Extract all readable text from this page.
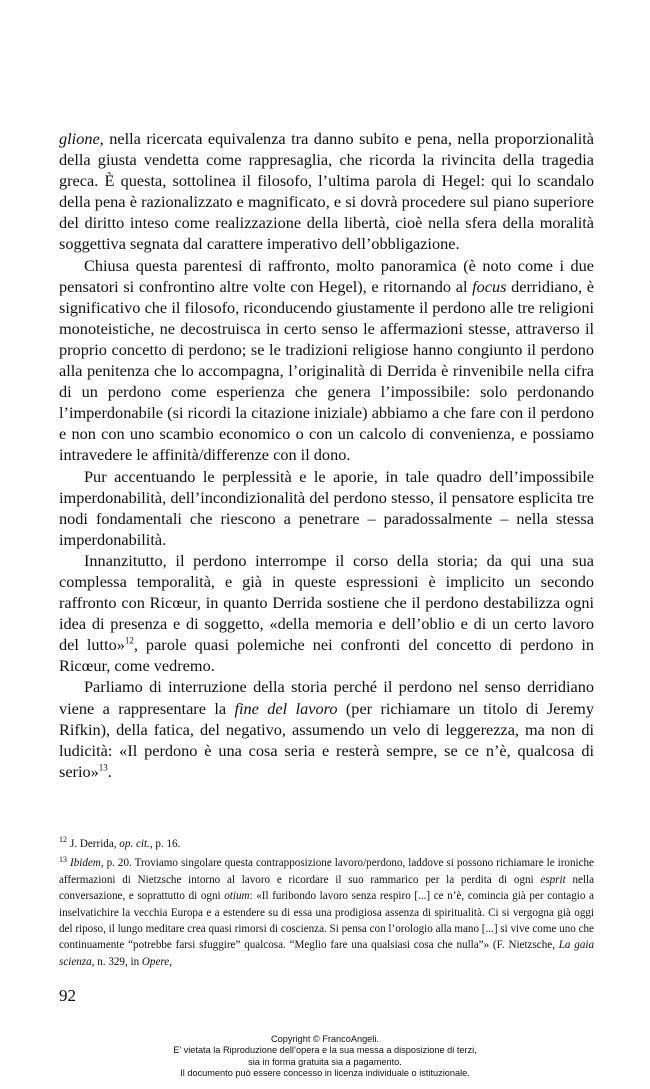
glione, nella ricercata equivalenza tra danno subito e pena, nella proporzionalità della giusta vendetta come rappresaglia, che ricorda la rivincita della tragedia greca. È questa, sottolinea il filosofo, l’ultima parola di Hegel: qui lo scandalo della pena è razionalizzato e magnificato, e si dovrà procedere sul piano superiore del diritto inteso come realizzazione della libertà, cioè nella sfera della moralità soggettiva segnata dal carattere imperativo dell’obbligazione.

Chiusa questa parentesi di raffronto, molto panoramica (è noto come i due pensatori si confrontino altre volte con Hegel), e ritornando al focus derridiano, è significativo che il filosofo, riconducendo giustamente il perdono alle tre religioni monoteistiche, ne decostruisca in certo senso le affermazioni stesse, attraverso il proprio concetto di perdono; se le tradizioni religiose hanno congiunto il perdono alla penitenza che lo accompagna, l’originalità di Derrida è rinvenibile nella cifra di un perdono come esperienza che genera l’impossibile: solo perdonando l’imperdonabile (si ricordi la citazione iniziale) abbiamo a che fare con il perdono e non con uno scambio economico o con un calcolo di convenienza, e possiamo intravedere le affinità/differenze con il dono.

Pur accentuando le perplessità e le aporie, in tale quadro dell’impossibile imperdonabilità, dell’incondizionalità del perdono stesso, il pensatore esplicita tre nodi fondamentali che riescono a penetrare – paradossalmente – nella stessa imperdonabilità.

Innanzitutto, il perdono interrompe il corso della storia; da qui una sua complessa temporalità, e già in queste espressioni è implicito un secondo raffronto con Ricœur, in quanto Derrida sostiene che il perdono destabilizza ogni idea di presenza e di soggetto, «della memoria e dell’oblio e di un certo lavoro del lutto»$^{12}$, parole quasi polemiche nei confronti del concetto di perdono in Ricœur, come vedremo.

Parliamo di interruzione della storia perché il perdono nel senso derridiano viene a rappresentare la fine del lavoro (per richiamare un titolo di Jeremy Rifkin), della fatica, del negativo, assumendo un velo di leggerezza, ma non di ludicità: «Il perdono è una cosa seria e resterà sempre, se ce n’è, qualcosa di serio»$^{13}$.

$^{12}$ J. Derrida, op. cit., p. 16.

$^{13}$ Ibidem, p. 20. Troviamo singolare questa contrapposizione lavoro/perdono, laddove si possono richiamare le ironiche affermazioni di Nietzsche intorno al lavoro e ricordare il suo rammarico per la perdita di ogni esprit nella conversazione, e soprattutto di ogni otium: «Il furibondo lavoro senza respiro [...] ce n’è, comincia già per contagio a inselvatichire la vecchia Europa e a estendere su di essa una prodigiosa assenza di spiritualità. Ci si vergogna già oggi del riposo, il lungo meditare crea quasi rimorsi di coscienza. Si pensa con l’orologio alla mano [...] si vive come uno che continuamente “potrebbe farsi sfuggire” qualcosa. “Meglio fare una qualsiasi cosa che nulla”» (F. Nietzsche, La gaia scienza, n. 329, in Opere,

92
Copyright © FrancoAngeli.
E’ vietata la Riproduzione dell’opera e la sua messa a disposizione di terzi,
sia in forma gratuita sia a pagamento.
Il documento può essere concesso in licenza individuale o istituzionale.
